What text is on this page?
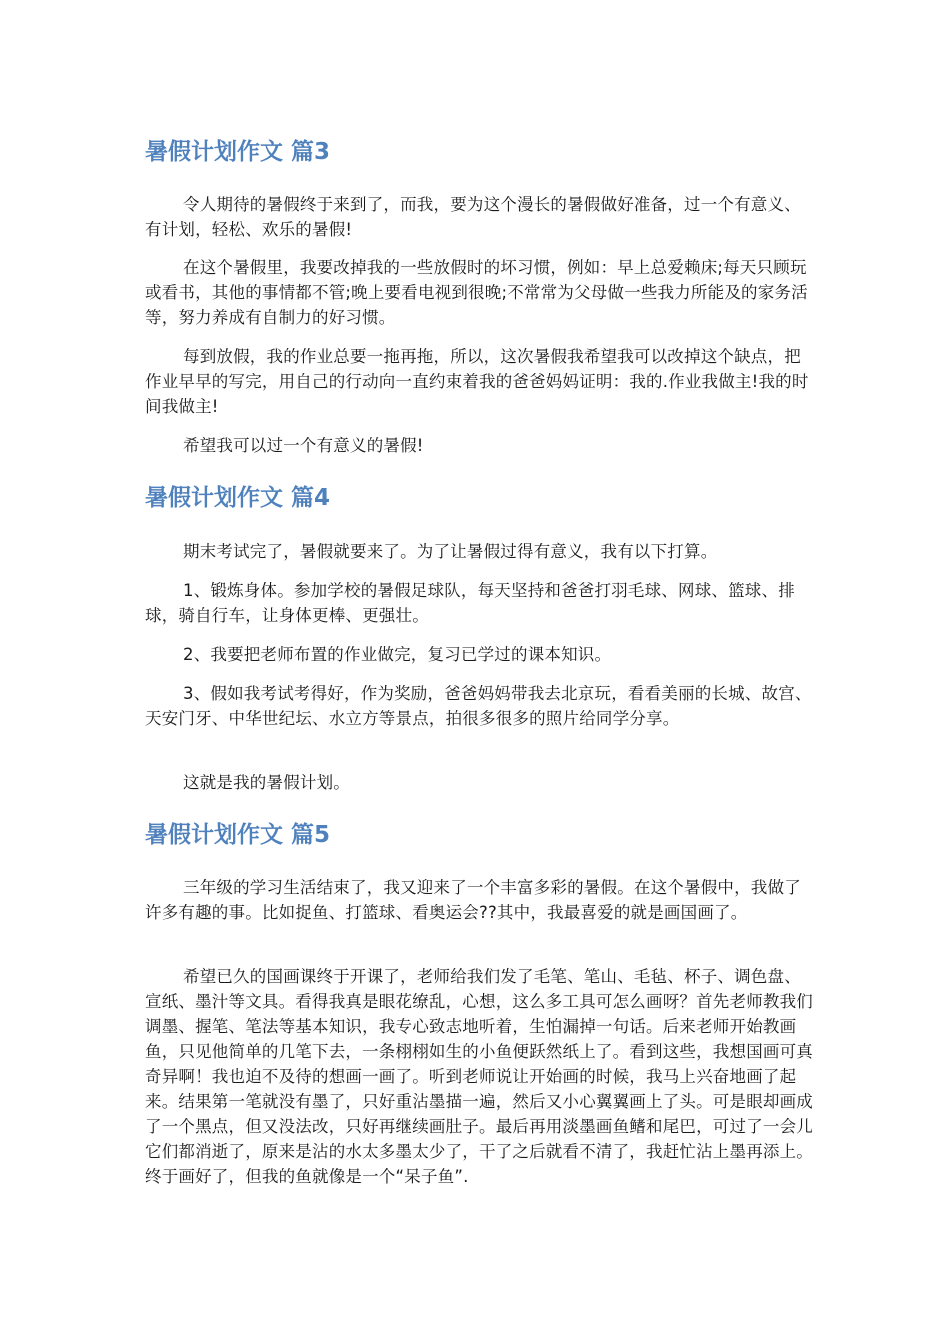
暑假计划作文 篇3

令人期待的暑假终于来到了，而我，要为这个漫长的暑假做好准备，过一个有意义、有计划，轻松、欢乐的暑假!

在这个暑假里，我要改掉我的一些放假时的坏习惯，例如：早上总爱赖床;每天只顾玩或看书，其他的事情都不管;晚上要看电视到很晚;不常常为父母做一些我力所能及的家务活等，努力养成有自制力的好习惯。

每到放假，我的作业总要一拖再拖，所以，这次暑假我希望我可以改掉这个缺点，把作业早早的写完，用自己的行动向一直约束着我的爸爸妈妈证明：我的.作业我做主!我的时间我做主!

希望我可以过一个有意义的暑假!

暑假计划作文 篇4

期末考试完了，暑假就要来了。为了让暑假过得有意义，我有以下打算。

1、锻炼身体。参加学校的暑假足球队，每天坚持和爸爸打羽毛球、网球、篮球、排球，骑自行车，让身体更棒、更强壮。

2、我要把老师布置的作业做完，复习已学过的课本知识。

3、假如我考试考得好，作为奖励，爸爸妈妈带我去北京玩，看看美丽的长城、故宫、天安门牙、中华世纪坛、水立方等景点，拍很多很多的照片给同学分享。

这就是我的暑假计划。

暑假计划作文 篇5

三年级的学习生活结束了，我又迎来了一个丰富多彩的暑假。在这个暑假中，我做了许多有趣的事。比如捉鱼、打篮球、看奥运会??其中，我最喜爱的就是画国画了。

希望已久的国画课终于开课了，老师给我们发了毛笔、笔山、毛毡、杯子、调色盘、宣纸、墨汁等文具。看得我真是眼花缭乱，心想，这么多工具可怎么画呀？首先老师教我们调墨、握笔、笔法等基本知识，我专心致志地听着，生怕漏掉一句话。后来老师开始教画鱼，只见他简单的几笔下去，一条栩栩如生的小鱼便跃然纸上了。看到这些，我想国画可真奇异啊！我也迫不及待的想画一画了。听到老师说让开始画的时候，我马上兴奋地画了起来。结果第一笔就没有墨了，只好重沾墨描一遍，然后又小心翼翼画上了头。可是眼却画成了一个黑点，但又没法改，只好再继续画肚子。最后再用淡墨画鱼鳍和尾巴，可过了一会儿它们都消逝了，原来是沾的水太多墨太少了，干了之后就看不清了，我赶忙沾上墨再添上。终于画好了，但我的鱼就像是一个“呆子鱼”.
